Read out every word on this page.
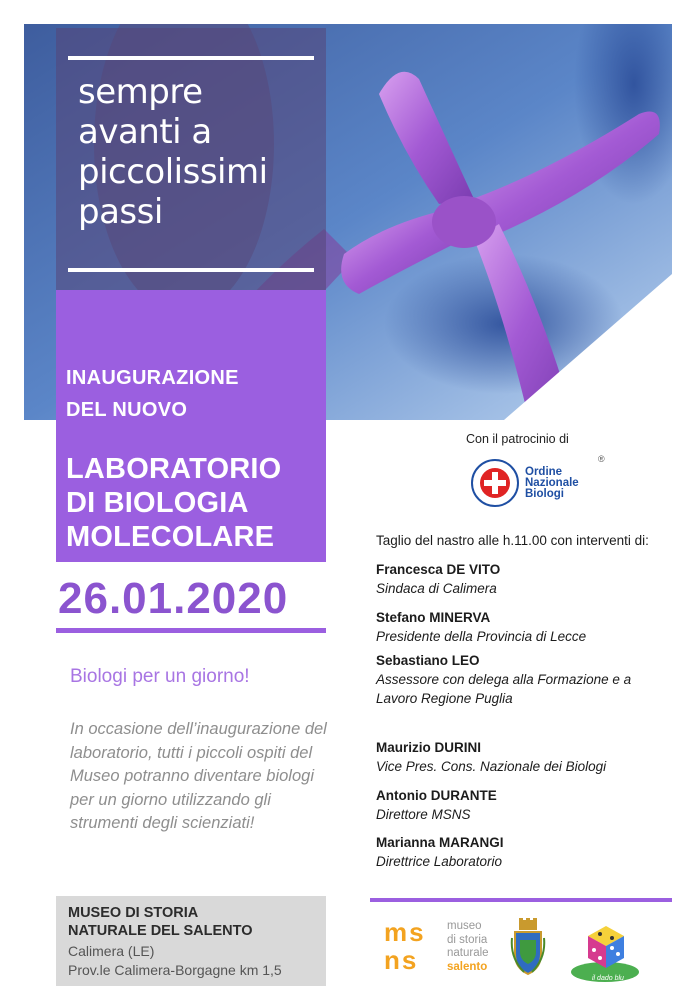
sempre
avanti a
piccolissimi
passi
INAUGURAZIONE
DEL NUOVO
LABORATORIO
DI BIOLOGIA
MOLECOLARE
26.01.2020
Biologi per un giorno!
In occasione dell’inaugurazione del laboratorio, tutti i piccoli ospiti del Museo potranno diventare biologi per un giorno utilizzando gli strumenti degli scienziati!
MUSEO DI STORIA
NATURALE DEL SALENTO
Calimera (LE)
Prov.le Calimera-Borgagne km 1,5
Con il patrocinio di
Ordine
Nazionale
Biologi
®
Taglio del nastro alle h.11.00 con interventi di:
Francesca DE VITO
Sindaca di Calimera
Stefano MINERVA
Presidente della Provincia di Lecce
Sebastiano LEO
Assessore con delega alla Formazione e a Lavoro Regione Puglia
Maurizio DURINI
Vice Pres. Cons. Nazionale dei Biologi
Antonio DURANTE
Direttore MSNS
Marianna MARANGI
Direttrice Laboratorio
ms
ns
museo
di storia
naturale
salento
il dado blu
